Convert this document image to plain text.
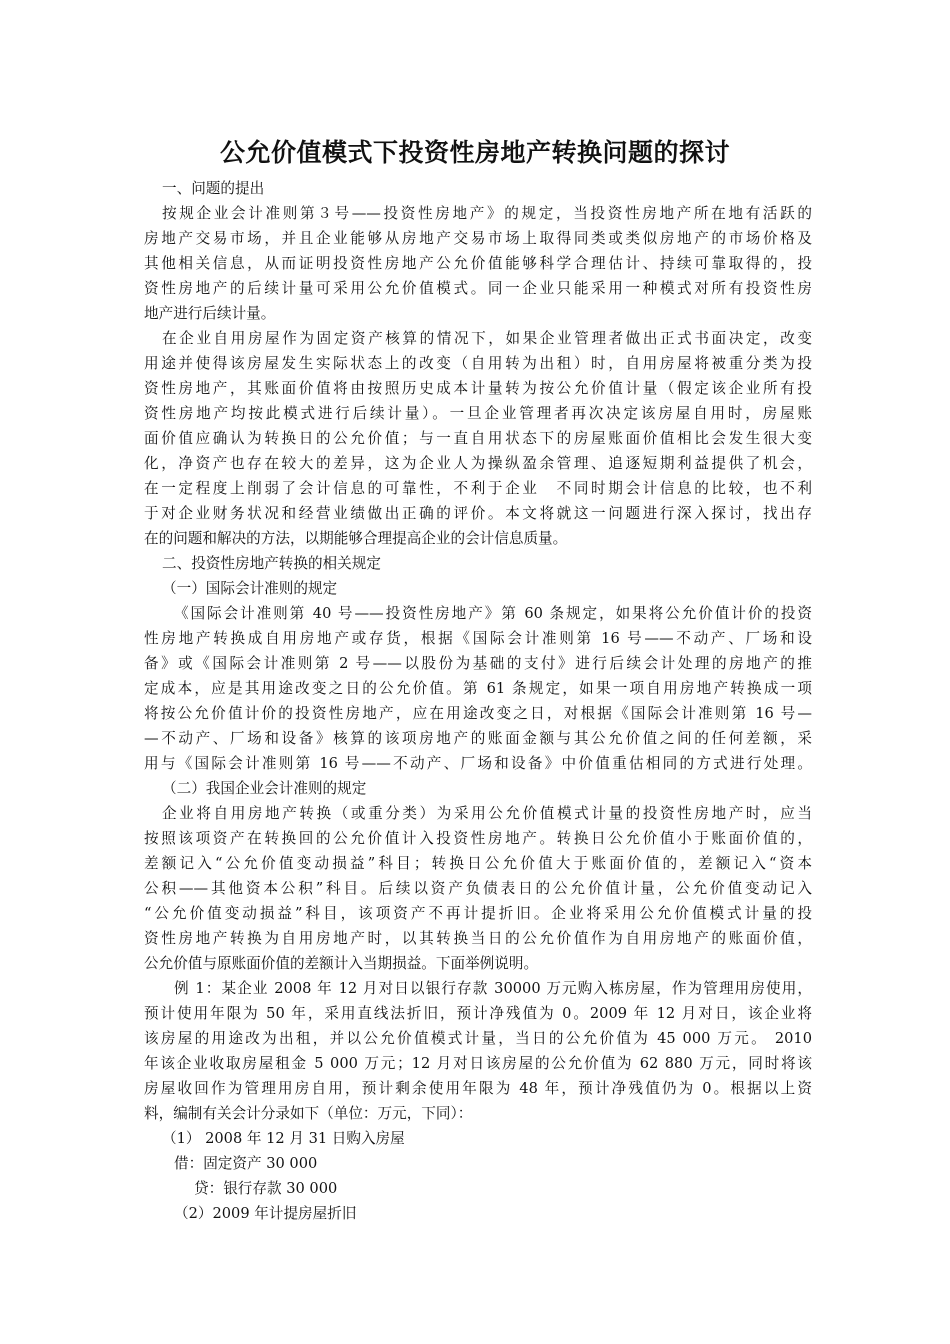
公允价值模式下投资性房地产转换问题的探讨
一、问题的提出
按规企业会计准则第３号——投资性房地产》的规定，当投资性房地产所在地有活跃的
房地产交易市场，并且企业能够从房地产交易市场上取得同类或类似房地产的市场价格及
其他相关信息，从而证明投资性房地产公允价值能够科学合理估计、持续可靠取得的，投
资性房地产的后续计量可采用公允价值模式。同一企业只能采用一种模式对所有投资性房
地产进行后续计量。
在企业自用房屋作为固定资产核算的情况下，如果企业管理者做出正式书面决定，改变
用途并使得该房屋发生实际状态上的改变（自用转为出租）时，自用房屋将被重分类为投
资性房地产，其账面价值将由按照历史成本计量转为按公允价值计量（假定该企业所有投
资性房地产均按此模式进行后续计量）。一旦企业管理者再次决定该房屋自用时，房屋账
面价值应确认为转换日的公允价值；与一直自用状态下的房屋账面价值相比会发生很大变
化，净资产也存在较大的差异，这为企业人为操纵盈余管理、追逐短期利益提供了机会，
在一定程度上削弱了会计信息的可靠性，不利于企业　不同时期会计信息的比较，也不利
于对企业财务状况和经营业绩做出正确的评价。本文将就这一问题进行深入探讨，找出存
在的问题和解决的方法，以期能够合理提高企业的会计信息质量。
二、投资性房地产转换的相关规定
（一）国际会计准则的规定
《国际会计准则第 40 号——投资性房地产》第 60 条规定，如果将公允价值计价的投资
性房地产转换成自用房地产或存货，根据《国际会计准则第 16 号——不动产、厂场和设
备》或《国际会计准则第 2 号——以股份为基础的支付》进行后续会计处理的房地产的推
定成本，应是其用途改变之日的公允价值。第 61 条规定，如果一项自用房地产转换成一项
将按公允价值计价的投资性房地产，应在用途改变之日，对根据《国际会计准则第 16 号—
—不动产、厂场和设备》核算的该项房地产的账面金额与其公允价值之间的任何差额，采
用与《国际会计准则第 16 号——不动产、厂场和设备》中价值重估相同的方式进行处理。
（二）我国企业会计准则的规定
企业将自用房地产转换（或重分类）为采用公允价值模式计量的投资性房地产时，应当
按照该项资产在转换回的公允价值计入投资性房地产。转换日公允价值小于账面价值的，
差额记入“公允价值变动损益”科目；转换日公允价值大于账面价值的，差额记入“资本
公积——其他资本公积”科目。后续以资产负债表日的公允价值计量，公允价值变动记入
“公允价值变动损益”科目，该项资产不再计提折旧。企业将采用公允价值模式计量的投
资性房地产转换为自用房地产时，以其转换当日的公允价值作为自用房地产的账面价值，
公允价值与原账面价值的差额计入当期损益。下面举例说明。
例 1：某企业 2008 年 12 月对日以银行存款 30000 万元购入栋房屋，作为管理用房使用，
预计使用年限为 50 年，采用直线法折旧，预计净残值为 0。2009 年 12 月对日，该企业将
该房屋的用途改为出租，并以公允价值模式计量，当日的公允价值为 45 000 万元。 2010
年该企业收取房屋租金 5 000 万元；12 月对日该房屋的公允价值为 62 880 万元，同时将该
房屋收回作为管理用房自用，预计剩余使用年限为 48 年，预计净残值仍为 0。根据以上资
料，编制有关会计分录如下（单位：万元，下同）：
（1） 2008 年 12 月 31 日购入房屋
借：固定资产 30 000
贷：银行存款 30 000
（2）2009 年计提房屋折旧
